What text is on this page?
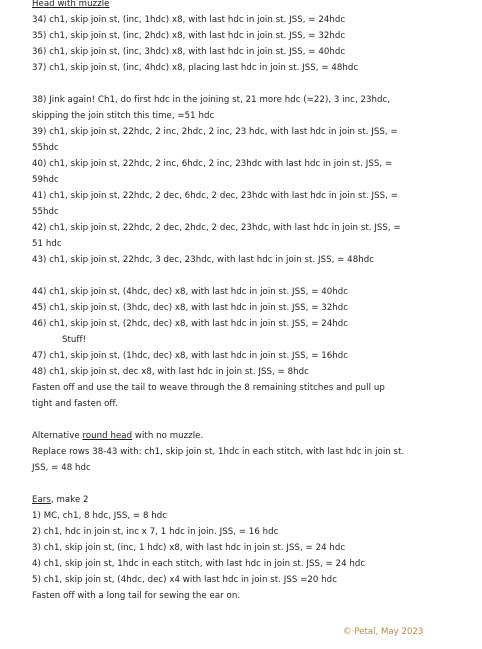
Head with muzzle
34) ch1, skip join st, (inc, 1hdc) x8, with last hdc in join st. JSS, = 24hdc
35) ch1, skip join st, (inc, 2hdc) x8, with last hdc in join st. JSS, = 32hdc
36) ch1, skip join st, (inc, 3hdc) x8, with last hdc in join st. JSS, = 40hdc
37) ch1, skip join st, (inc, 4hdc) x8, placing last hdc in join st. JSS, = 48hdc
38) Jink again! Ch1, do first hdc in the joining st, 21 more hdc (=22), 3 inc, 23hdc,
skipping the join stitch this time, =51 hdc
39) ch1, skip join st, 22hdc, 2 inc, 2hdc, 2 inc, 23 hdc, with last hdc in join st. JSS, =
55hdc
40) ch1, skip join st, 22hdc, 2 inc, 6hdc, 2 inc, 23hdc with last hdc in join st. JSS, =
59hdc
41) ch1, skip join st, 22hdc, 2 dec, 6hdc, 2 dec, 23hdc with last hdc in join st. JSS, =
55hdc
42) ch1, skip join st, 22hdc, 2 dec, 2hdc, 2 dec, 23hdc, with last hdc in join st. JSS, =
51 hdc
43) ch1, skip join st, 22hdc, 3 dec, 23hdc, with last hdc in join st. JSS, = 48hdc
44) ch1, skip join st, (4hdc, dec) x8, with last hdc in join st. JSS, = 40hdc
45) ch1, skip join st, (3hdc, dec) x8, with last hdc in join st. JSS, = 32hdc
46) ch1, skip join st, (2hdc, dec) x8, with last hdc in join st. JSS, = 24hdc
Stuff!
47) ch1, skip join st, (1hdc, dec) x8, with last hdc in join st. JSS, = 16hdc
48) ch1, skip join st, dec x8, with last hdc in join st. JSS, = 8hdc
Fasten off and use the tail to weave through the 8 remaining stitches and pull up
tight and fasten off.
Alternative round head with no muzzle.
Replace rows 38-43 with: ch1, skip join st, 1hdc in each stitch, with last hdc in join st.
JSS, = 48 hdc
Ears, make 2
1) MC, ch1, 8 hdc, JSS, = 8 hdc
2) ch1, hdc in join st, inc x 7, 1 hdc in join. JSS, = 16 hdc
3) ch1, skip join st, (inc, 1 hdc) x8, with last hdc in join st. JSS, = 24 hdc
4) ch1, skip join st, 1hdc in each stitch, with last hdc in join st. JSS, = 24 hdc
5) ch1, skip join st, (4hdc, dec) x4 with last hdc in join st. JSS =20 hdc
Fasten off with a long tail for sewing the ear on.
© Petal, May 2023
